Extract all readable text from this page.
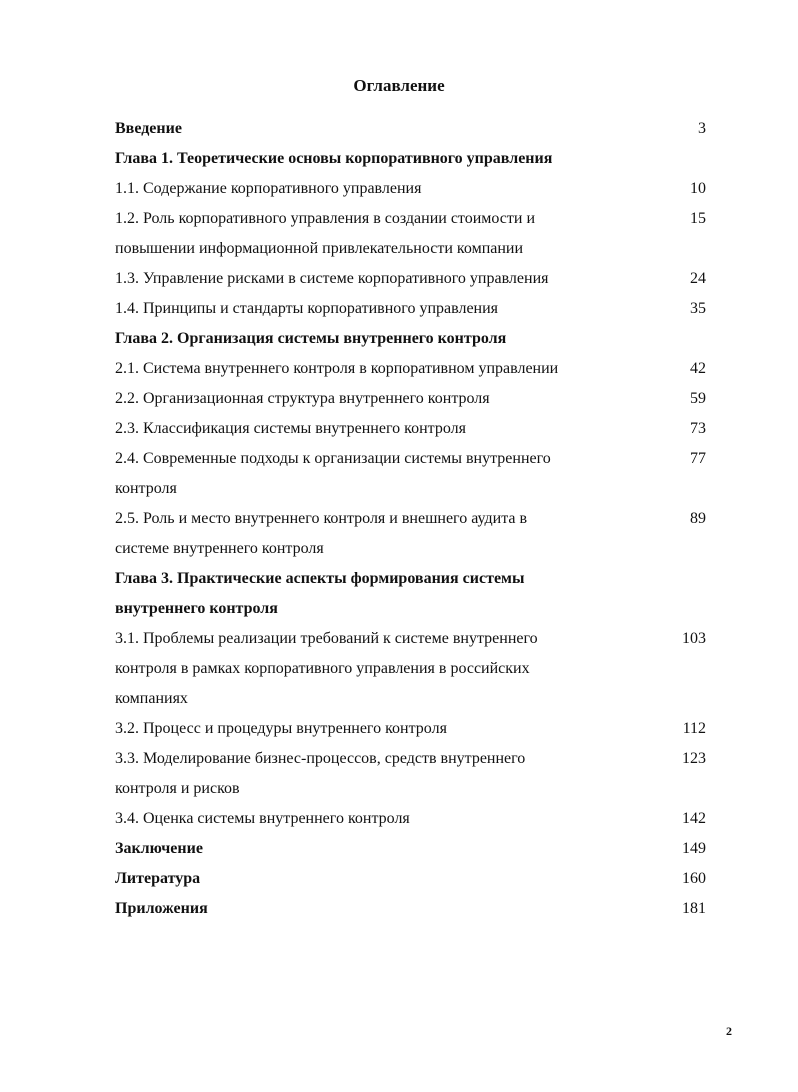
Оглавление
Введение	3
Глава 1. Теоретические основы корпоративного управления
1.1. Содержание корпоративного управления	10
1.2. Роль корпоративного управления в создании стоимости и	15
повышении информационной привлекательности компании
1.3. Управление рисками в системе корпоративного управления	24
1.4. Принципы и стандарты корпоративного управления	35
Глава 2. Организация системы внутреннего контроля
2.1. Система внутреннего контроля в корпоративном управлении	42
2.2. Организационная структура внутреннего контроля	59
2.3. Классификация системы внутреннего контроля	73
2.4. Современные подходы к организации системы внутреннего	77
контроля
2.5. Роль и место внутреннего контроля и внешнего аудита в	89
системе внутреннего контроля
Глава 3. Практические аспекты формирования системы
внутреннего контроля
3.1. Проблемы реализации требований к системе внутреннего	103
контроля в рамках корпоративного управления в российских
компаниях
3.2. Процесс и процедуры внутреннего контроля	112
3.3. Моделирование бизнес-процессов, средств внутреннего	123
контроля и рисков
3.4. Оценка системы внутреннего контроля	142
Заключение	149
Литература	160
Приложения	181
2
